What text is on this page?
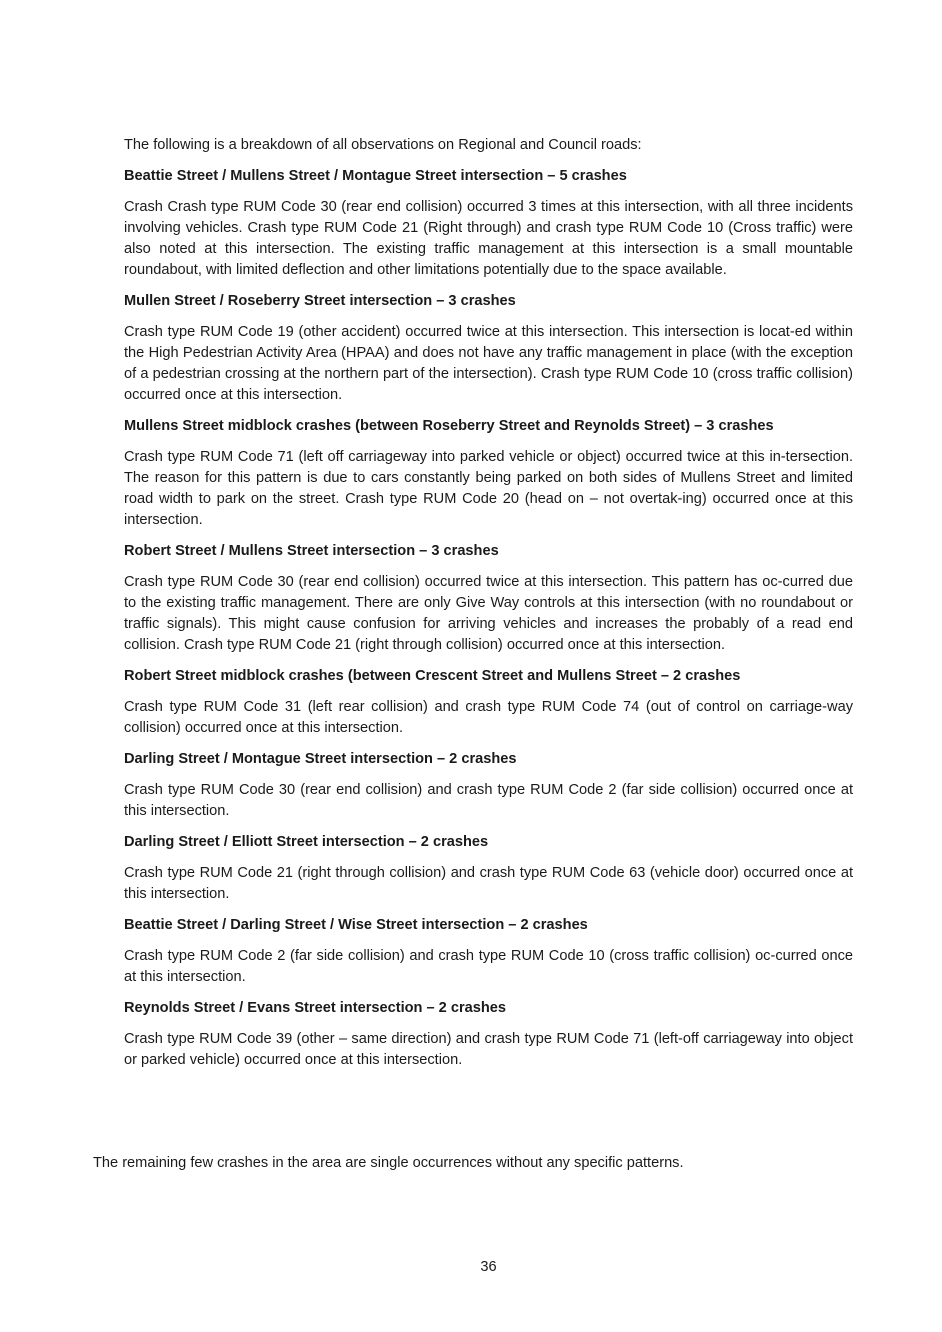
The following is a breakdown of all observations on Regional and Council roads:

Beattie Street / Mullens Street / Montague Street intersection – 5 crashes

Crash Crash type RUM Code 30 (rear end collision) occurred 3 times at this intersection, with all three incidents involving vehicles. Crash type RUM Code 21 (Right through) and crash type RUM Code 10 (Cross traffic) were also noted at this intersection. The existing traffic management at this intersection is a small mountable roundabout, with limited deflection and other limitations potentially due to the space available.

Mullen Street / Roseberry Street intersection – 3 crashes

Crash type RUM Code 19 (other accident) occurred twice at this intersection. This intersection is locat-ed within the High Pedestrian Activity Area (HPAA) and does not have any traffic management in place (with the exception of a pedestrian crossing at the northern part of the intersection). Crash type RUM Code 10 (cross traffic collision) occurred once at this intersection.

Mullens Street midblock crashes (between Roseberry Street and Reynolds Street) – 3 crashes

Crash type RUM Code 71 (left off carriageway into parked vehicle or object) occurred twice at this in-tersection. The reason for this pattern is due to cars constantly being parked on both sides of Mullens Street and limited road width to park on the street. Crash type RUM Code 20 (head on – not overtak-ing) occurred once at this intersection.

Robert Street / Mullens Street intersection – 3 crashes

Crash type RUM Code 30 (rear end collision) occurred twice at this intersection. This pattern has oc-curred due to the existing traffic management. There are only Give Way controls at this intersection (with no roundabout or traffic signals). This might cause confusion for arriving vehicles and increases the probably of a read end collision. Crash type RUM Code 21 (right through collision) occurred once at this intersection.

Robert Street midblock crashes (between Crescent Street and Mullens Street – 2 crashes

Crash type RUM Code 31 (left rear collision) and crash type RUM Code 74 (out of control on carriage-way collision) occurred once at this intersection.

Darling Street / Montague Street intersection – 2 crashes

Crash type RUM Code 30 (rear end collision) and crash type RUM Code 2 (far side collision) occurred once at this intersection.

Darling Street / Elliott Street intersection – 2 crashes

Crash type RUM Code 21 (right through collision) and crash type RUM Code 63 (vehicle door) occurred once at this intersection.

Beattie Street / Darling Street / Wise Street intersection – 2 crashes

Crash type RUM Code 2 (far side collision) and crash type RUM Code 10 (cross traffic collision) oc-curred once at this intersection.

Reynolds Street / Evans Street intersection – 2 crashes

Crash type RUM Code 39 (other – same direction) and crash type RUM Code 71 (left-off carriageway into object or parked vehicle) occurred once at this intersection.

The remaining few crashes in the area are single occurrences without any specific patterns.

36
